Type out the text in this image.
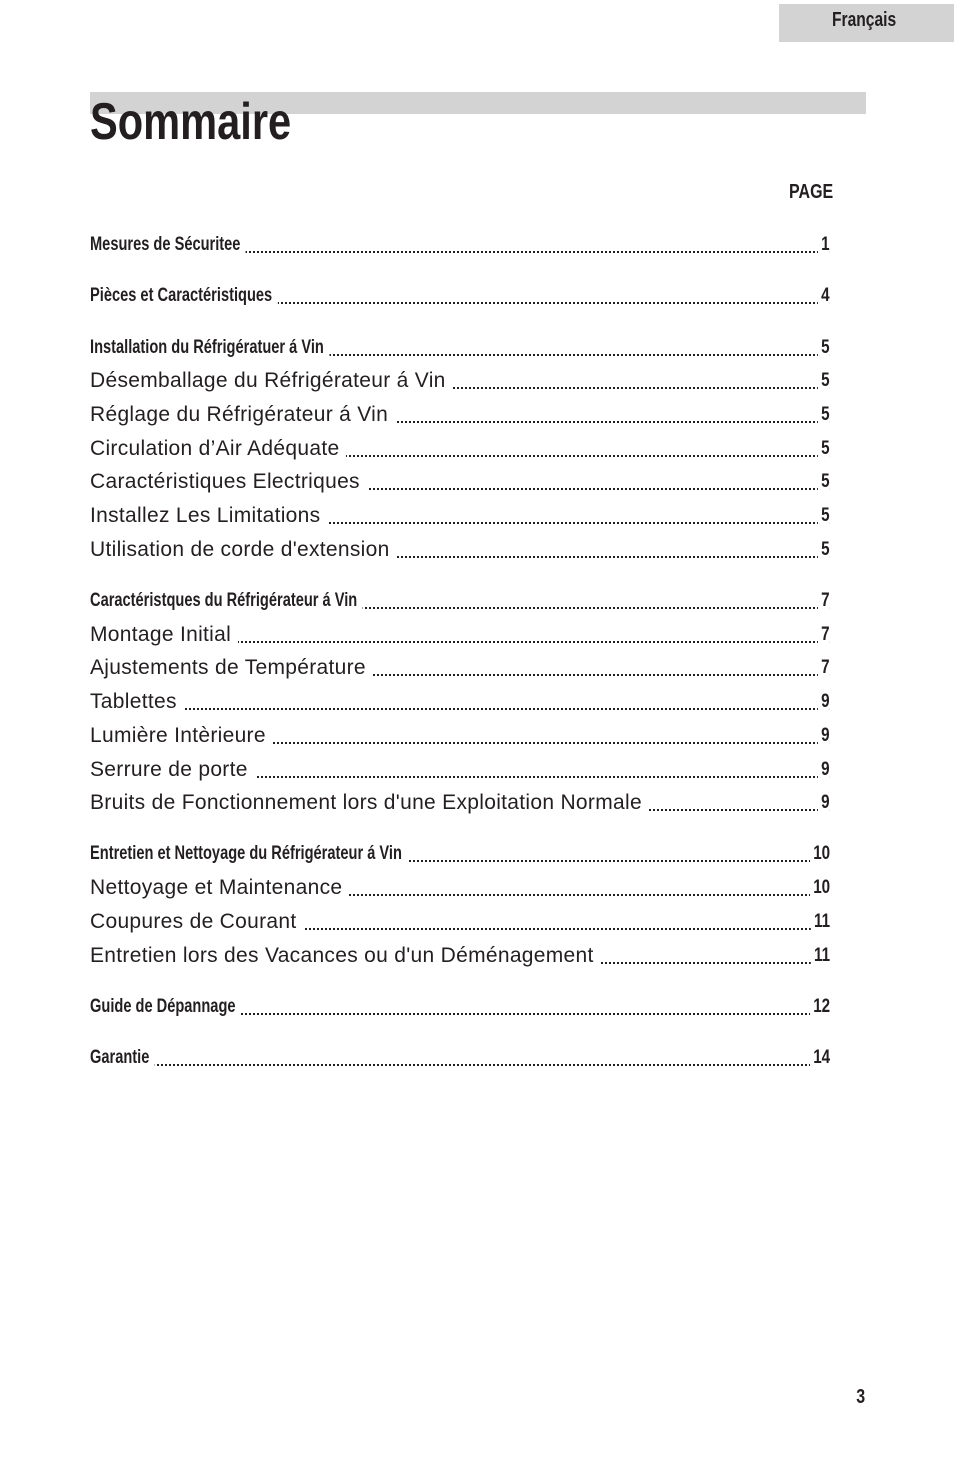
Français
Sommaire
PAGE
Mesures de Sécuritee	1
Pièces et Caractéristiques	4
Installation du Réfrigératuer á Vin	5
Désemballage du Réfrigérateur á Vin	5
Réglage du Réfrigérateur á Vin	5
Circulation d’Air Adéquate	5
Caractéristiques Electriques	5
Installez Les Limitations	5
Utilisation de corde d'extension	5
Caractéristques du Réfrigérateur á Vin	7
Montage Initial	7
Ajustements de Température	7
Tablettes	9
Lumière Intèrieure	9
Serrure de porte	9
Bruits de Fonctionnement lors d'une Exploitation Normale	9
Entretien et Nettoyage du Réfrigérateur á Vin	10
Nettoyage et Maintenance	10
Coupures de Courant	11
Entretien lors des Vacances ou d'un Déménagement	11
Guide de Dépannage	12
Garantie	14
3
